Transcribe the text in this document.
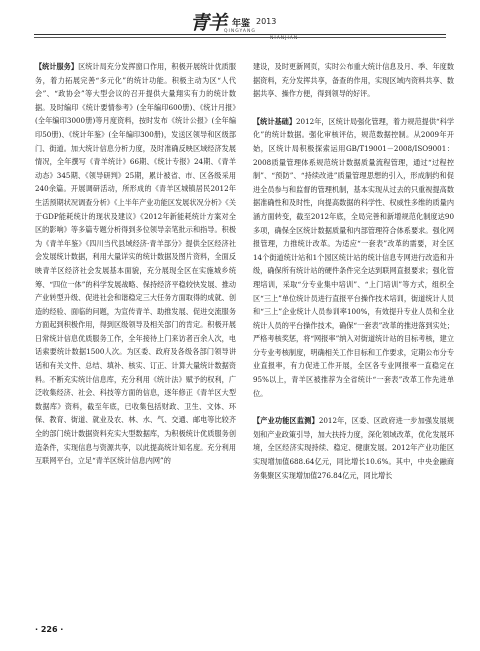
青羊 年鉴 2013
QINGYANG
NIANJIAN

【统计服务】区统计局充分发挥窗口作用，积极开展统计优质服务，着力拓展完善“多元化”的统计功能。积极主动为区“人代会”、“政协会”等大型会议的召开提供大量翔实有力的统计数据。及时编印《统计要情参考》(全年编印600册)、《统计月报》(全年编印3000册)等月度资料，按时发布《统计公报》(全年编印50册)、《统计年鉴》(全年编印300册)，发送区领导和区级部门、街道。加大统计信息分析力度，及时准确反映区域经济发展情况，全年撰写《青羊统计》66期、《统计专报》24期、《青羊动态》345期、《领导研判》25期，累计被省、市、区各级采用240余篇。开展调研活动，所形成的《青羊区城镇居民2012年生活预期状况调查分析》《上半年产业功能区发展状况分析》《关于GDP能耗统计的现状及建议》《2012年新能耗统计方案对全区的影响》等多篇专题分析得到多位领导亲笔批示和指导。积极为《青羊年鉴》《四川当代县域经济·青羊部分》提供全区经济社会发展统计数据，利用大量详实的统计数据及图片资料，全面反映青羊区经济社会发展基本面貌，充分展现全区在实施城乡统筹、“四位一体”的科学发展战略、保持经济平稳较快发展、推动产业转型升级、促进社会和谐稳定三大任务方面取得的成就、创造的经验、面临的问题，为宣传青羊、助推发展、促进交流服务方面起到积极作用，得到区级领导及相关部门的肯定。积极开展日常统计信息优质服务工作，全年接待上门来访者百余人次，电话索要统计数据1500人次。为区委、政府及各级各部门领导讲话和有关文件、总结、填补、核实、订正、计算大量统计数据资料。不断充实统计信息库，充分利用《统计法》赋予的权利，广泛收集经济、社会、科技等方面的信息，逐年修正《青羊区大型数据库》资料，截至年底，已收集包括财政、卫生、文体、环保、教育、街道、就业及农、林、水、气、交通、邮电等比较齐全的部门统计数据资料充实大型数据库，为积极统计优质服务创造条件，实现信息与资源共享，以此提高统计知名度。充分利用互联网平台，立足“青羊区统计信息内网”的

建设，及时更新网页，实时公布重大统计信息及月、季、年度数据资料，充分发挥共享，备查的作用，实现区域内资料共享、数据共享、操作方便，得到领导的好评。

【统计基础】2012年，区统计局强化管理，着力规范提供“科学化”的统计数据。强化审核评估，规范数据控制。从2009年开始，区统计局积极探索运用GB/T19001－2008/ISO9001：2008质量管理体系规范统计数据质量流程管理，通过“过程控制”、“预防”、“持续改进”质量管理思想的引入，形成制约和促进全员参与和监督的管理机制，基本实现从过去的只重视提高数据准确性和及时性，向提高数据的科学性、权威性多维的质量内涵方面转变，截至2012年底，全局完善和新增规范化制度达90多项，确保全区统计数据质量和内部管理符合体系要求。强化网报管理，力推统计改革。为适应“一套表”改革的需要，对全区14个街道统计站和1个园区统计站的统计信息专网进行改造和升级，确保所有统计站的硬件条件完全达到联网直报要求；强化管理培训，采取“分专业集中培训”、“上门培训”等方式，组织全区“三上”单位统计员进行直报平台操作技术培训，街道统计人员和“三上”企业统计人员参训率100%，有效提升专业人员和全业统计人员的平台操作技术，确保“一套表”改革的推进落到实处；严格考核奖惩，将“网报率”纳入对街道统计站的目标考核，建立分专业考核制度，明确相关工作目标和工作要求，定期公布分专业直报率，有力促进工作开展，全区各专业网报率一直稳定在95%以上，青羊区被推荐为全省统计“一套表”改革工作先进单位。

【产业功能区监测】2012年，区委、区政府进一步加强发展规划和产业政策引导，加大扶持力度，深化领域改革，优化发展环境，全区经济实现持续、稳定、健康发展。2012年产业功能区实现增加值688.64亿元，同比增长10.6%。其中，中央金融商务集聚区实现增加值276.84亿元，同比增长

· 226 ·
